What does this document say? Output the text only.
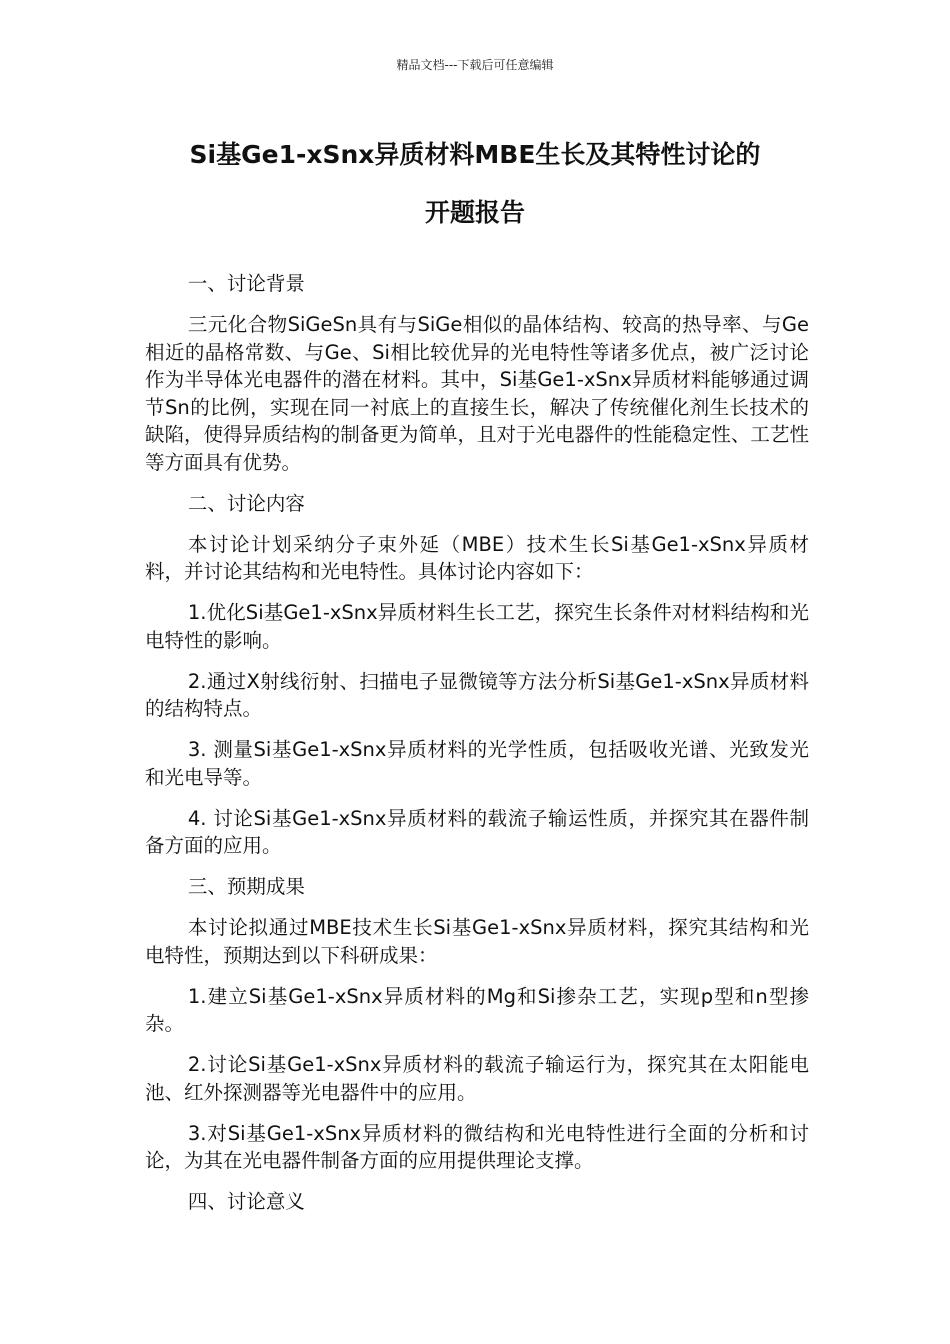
精品文档---下载后可任意编辑
Si基Ge1-xSnx异质材料MBE生长及其特性讨论的
开题报告

一、讨论背景

三元化合物SiGeSn具有与SiGe相似的晶体结构、较高的热导率、与Ge相近的晶格常数、与Ge、Si相比较优异的光电特性等诸多优点，被广泛讨论作为半导体光电器件的潜在材料。其中，Si基Ge1-xSnx异质材料能够通过调节Sn的比例，实现在同一衬底上的直接生长，解决了传统催化剂生长技术的缺陷，使得异质结构的制备更为简单，且对于光电器件的性能稳定性、工艺性等方面具有优势。

二、讨论内容

本讨论计划采纳分子束外延（MBE）技术生长Si基Ge1-xSnx异质材料，并讨论其结构和光电特性。具体讨论内容如下：

1.优化Si基Ge1-xSnx异质材料生长工艺，探究生长条件对材料结构和光电特性的影响。

2.通过X射线衍射、扫描电子显微镜等方法分析Si基Ge1-xSnx异质材料的结构特点。

3. 测量Si基Ge1-xSnx异质材料的光学性质，包括吸收光谱、光致发光和光电导等。

4. 讨论Si基Ge1-xSnx异质材料的载流子输运性质，并探究其在器件制备方面的应用。

三、预期成果

本讨论拟通过MBE技术生长Si基Ge1-xSnx异质材料，探究其结构和光电特性，预期达到以下科研成果：

1.建立Si基Ge1-xSnx异质材料的Mg和Si掺杂工艺，实现p型和n型掺杂。

2.讨论Si基Ge1-xSnx异质材料的载流子输运行为，探究其在太阳能电池、红外探测器等光电器件中的应用。

3.对Si基Ge1-xSnx异质材料的微结构和光电特性进行全面的分析和讨论，为其在光电器件制备方面的应用提供理论支撑。

四、讨论意义
